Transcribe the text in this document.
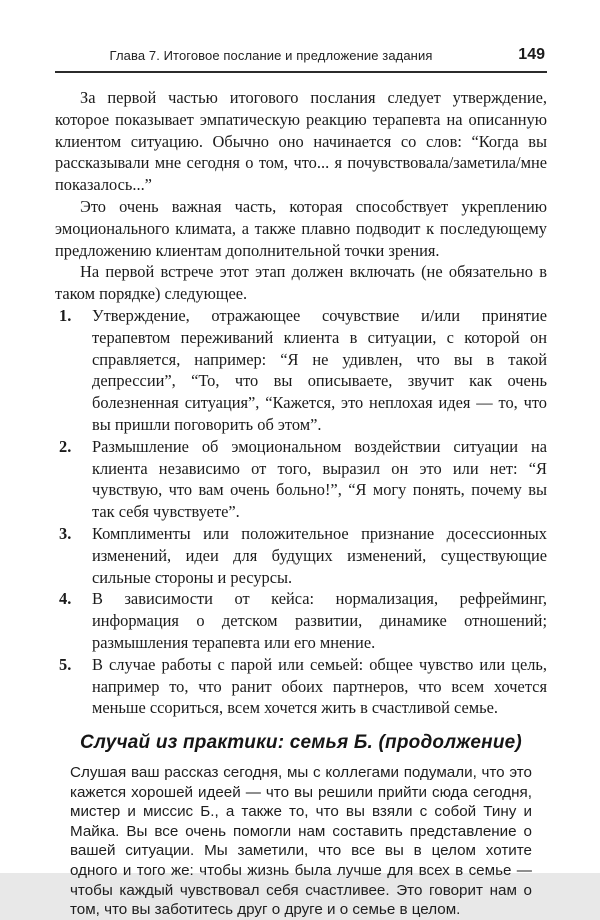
Глава 7. Итоговое послание и предложение задания	149

За первой частью итогового послания следует утверждение, которое показывает эмпатическую реакцию терапевта на описанную клиентом ситуацию. Обычно оно начинается со слов: “Когда вы рассказывали мне сегодня о том, что... я почувствовала/заметила/мне показалось...”

Это очень важная часть, которая способствует укреплению эмоционального климата, а также плавно подводит к последующему предложению клиентам дополнительной точки зрения.

На первой встрече этот этап должен включать (не обязательно в таком порядке) следующее.

1. Утверждение, отражающее сочувствие и/или принятие терапевтом переживаний клиента в ситуации, с которой он справляется, например: “Я не удивлен, что вы в такой депрессии”, “То, что вы описываете, звучит как очень болезненная ситуация”, “Кажется, это неплохая идея — то, что вы пришли поговорить об этом”.
2. Размышление об эмоциональном воздействии ситуации на клиента независимо от того, выразил он это или нет: “Я чувствую, что вам очень больно!”, “Я могу понять, почему вы так себя чувствуете”.
3. Комплименты или положительное признание досессионных изменений, идеи для будущих изменений, существующие сильные стороны и ресурсы.
4. В зависимости от кейса: нормализация, рефрейминг, информация о детском развитии, динамике отношений; размышления терапевта или его мнение.
5. В случае работы с парой или семьей: общее чувство или цель, например то, что ранит обоих партнеров, что всем хочется меньше ссориться, всем хочется жить в счастливой семье.
Случай из практики: семья Б. (продолжение)
Слушая ваш рассказ сегодня, мы с коллегами подумали, что это кажется хорошей идеей — что вы решили прийти сюда сегодня, мистер и миссис Б., а также то, что вы взяли с собой Тину и Майка. Вы все очень помогли нам составить представление о вашей ситуации. Мы заметили, что все вы в целом хотите одного и того же: чтобы жизнь была лучше для всех в семье — чтобы каждый чувствовал себя счастливее. Это говорит нам о том, что вы заботитесь друг о друге и о семье в целом.
